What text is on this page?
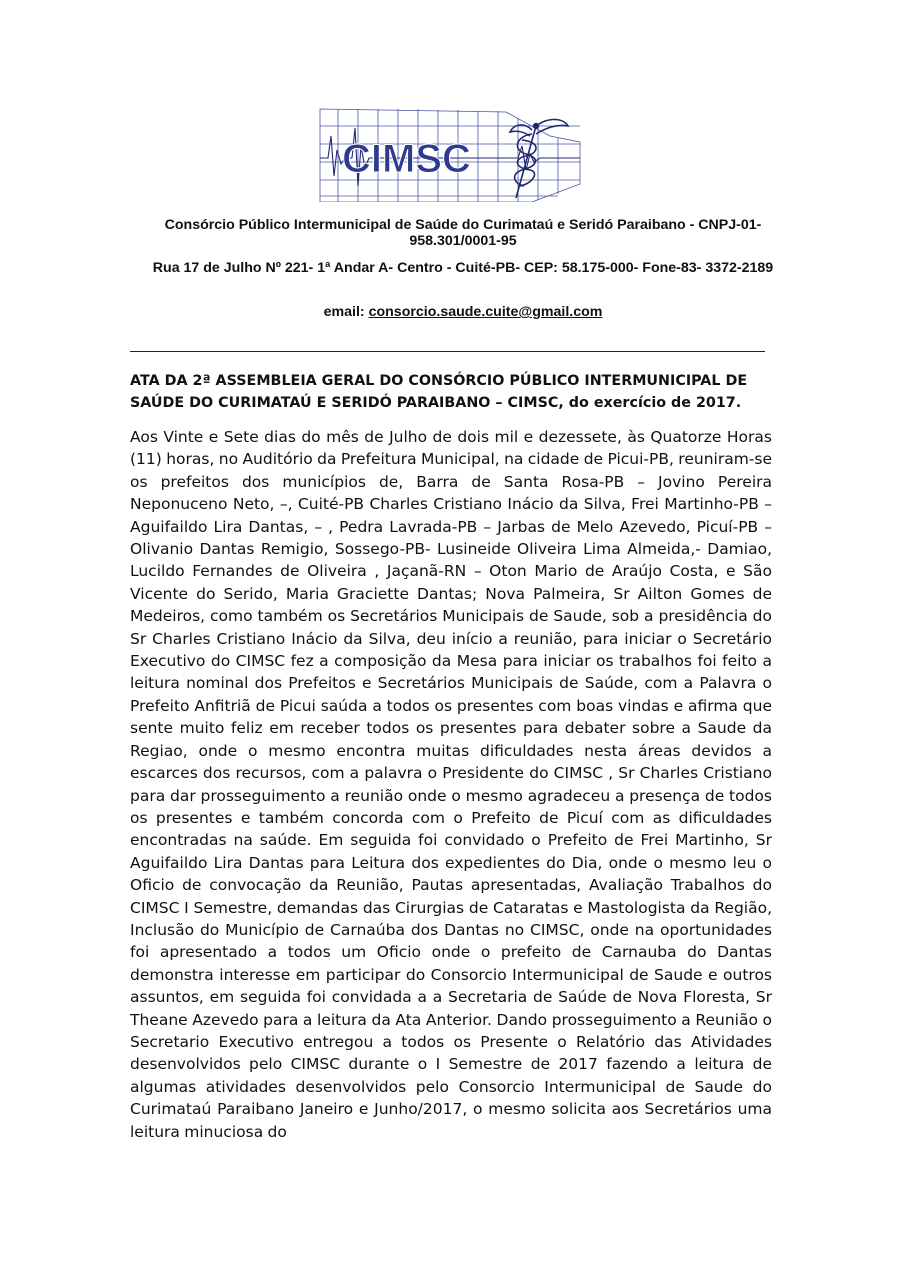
CIMSC
Consórcio Público Intermunicipal de Saúde do Curimataú e Seridó Paraibano - CNPJ-01-958.301/0001-95
Rua 17 de Julho Nº 221- 1ª Andar A- Centro - Cuité-PB- CEP: 58.175-000- Fone-83- 3372-2189
email: consorcio.saude.cuite@gmail.com
ATA DA 2ª ASSEMBLEIA GERAL DO CONSÓRCIO PÚBLICO INTERMUNICIPAL DE SAÚDE DO CURIMATAÚ E SERIDÓ PARAIBANO – CIMSC, do exercício de 2017.

Aos Vinte e Sete dias do mês de Julho de dois mil e dezessete, às Quatorze Horas (11) horas, no Auditório da Prefeitura Municipal, na cidade de Picui-PB, reuniram-se os prefeitos dos municípios de, Barra de Santa Rosa-PB – Jovino Pereira Neponuceno Neto, –, Cuité-PB Charles Cristiano Inácio da Silva, Frei Martinho-PB – Aguifaildo Lira Dantas, – , Pedra Lavrada-PB – Jarbas de Melo Azevedo, Picuí-PB – Olivanio Dantas Remigio, Sossego-PB- Lusineide Oliveira Lima Almeida,- Damiao, Lucildo Fernandes de Oliveira , Jaçanã-RN – Oton Mario de Araújo Costa, e São Vicente do Serido, Maria Graciette Dantas; Nova Palmeira, Sr Ailton Gomes de Medeiros, como também os Secretários Municipais de Saude, sob a presidência do Sr Charles Cristiano Inácio da Silva, deu início a reunião, para iniciar o Secretário Executivo do CIMSC fez a composição da Mesa para iniciar os trabalhos foi feito a leitura nominal dos Prefeitos e Secretários Municipais de Saúde, com a Palavra o Prefeito Anfitriã de Picui saúda a todos os presentes com boas vindas e afirma que sente muito feliz em receber todos os presentes para debater sobre a Saude da Regiao, onde o mesmo encontra muitas dificuldades nesta áreas devidos a escarces dos recursos, com a palavra o Presidente do CIMSC , Sr Charles Cristiano para dar prosseguimento a reunião onde o mesmo agradeceu a presença de todos os presentes e também concorda com o Prefeito de Picuí com as dificuldades encontradas na saúde. Em seguida foi convidado o Prefeito de Frei Martinho, Sr Aguifaildo Lira Dantas para Leitura dos expedientes do Dia, onde o mesmo leu o Oficio de convocação da Reunião, Pautas apresentadas, Avaliação Trabalhos do CIMSC I Semestre, demandas das Cirurgias de Cataratas e Mastologista da Região, Inclusão do Município de Carnaúba dos Dantas no CIMSC, onde na oportunidades foi apresentado a todos um Oficio onde o prefeito de Carnauba do Dantas demonstra interesse em participar do Consorcio Intermunicipal de Saude e outros assuntos, em seguida foi convidada a a Secretaria de Saúde de Nova Floresta, Sr Theane Azevedo para a leitura da Ata Anterior. Dando prosseguimento a Reunião o Secretario Executivo entregou a todos os Presente o Relatório das Atividades desenvolvidos pelo CIMSC durante o I Semestre de 2017 fazendo a leitura de algumas atividades desenvolvidos pelo Consorcio Intermunicipal de Saude do Curimataú Paraibano Janeiro e Junho/2017, o mesmo solicita aos Secretários uma leitura minuciosa do
